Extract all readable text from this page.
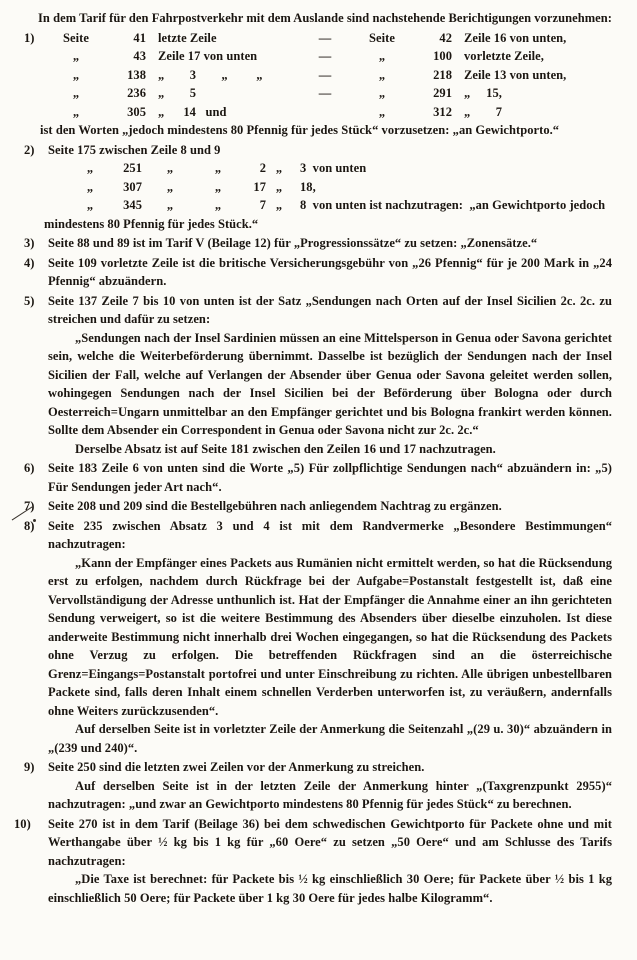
In dem Tarif für den Fahrpostverkehr mit dem Auslande sind nachstehende Berichtigungen vorzunehmen:

1)	Seite	41 letzte Zeile	—	Seite	42 Zeile 16 von unten,
„	43 Zeile 17 von unten	—	„	100 vorletzte Zeile,
„	138 „        3        „         „	—	„	218 Zeile 13 von unten,
„	236 „        5	—	„	291 „     15,
„	305 „      14   und	„	312 „        7

ist den Worten „jedoch mindestens 80 Pfennig für jedes Stück“ vorzusetzen: „an Gewichtporto.“

2)	Seite 175 zwischen Zeile 8 und 9

„	251	„	„	2 „	3  von unten
„	307	„	„	17 „	18,
„	345	„	„	7 „	8  von unten ist nachzutragen:  „an Gewichtporto jedoch

mindestens 80 Pfennig für jedes Stück.“

3)	Seite 88 und 89 ist im Tarif V (Beilage 12) für „Progressionssätze“ zu setzen: „Zonensätze.“

4)	Seite 109 vorletzte Zeile ist die britische Versicherungsgebühr von „26 Pfennig“ für je 200 Mark in „24 Pfennig“ abzuändern.

5)	Seite 137 Zeile 7 bis 10 von unten ist der Satz „Sendungen nach Orten auf der Insel Sicilien 2c. 2c. zu streichen und dafür zu setzen:

„Sendungen nach der Insel Sardinien müssen an eine Mittelsperson in Genua oder Savona gerichtet sein, welche die Weiterbeförderung übernimmt. Dasselbe ist bezüglich der Sendungen nach der Insel Sicilien der Fall, welche auf Verlangen der Absender über Genua oder Savona geleitet werden sollen, wohingegen Sendungen nach der Insel Sicilien bei der Beförderung über Bologna oder durch Oesterreich=Ungarn unmittelbar an den Empfänger gerichtet und bis Bologna frankirt werden können. Sollte dem Absender ein Correspondent in Genua oder Savona nicht zur 2c. 2c.“

Derselbe Absatz ist auf Seite 181 zwischen den Zeilen 16 und 17 nachzutragen.

6)	Seite 183 Zeile 6 von unten sind die Worte „5) Für zollpflichtige Sendungen nach“ abzuändern in: „5) Für Sendungen jeder Art nach“.

7)	Seite 208 und 209 sind die Bestellgebühren nach anliegendem Nachtrag zu ergänzen.

8)	Seite 235 zwischen Absatz 3 und 4 ist mit dem Randvermerke „Besondere Bestimmungen“ nachzutragen:

„Kann der Empfänger eines Packets aus Rumänien nicht ermittelt werden, so hat die Rücksendung erst zu erfolgen, nachdem durch Rückfrage bei der Aufgabe=Postanstalt festgestellt ist, daß eine Vervollständigung der Adresse unthunlich ist. Hat der Empfänger die Annahme einer an ihn gerichteten Sendung verweigert, so ist die weitere Bestimmung des Absenders über dieselbe einzuholen. Ist diese anderweite Bestimmung nicht innerhalb drei Wochen eingegangen, so hat die Rücksendung des Packets ohne Verzug zu erfolgen. Die betreffenden Rückfragen sind an die österreichische Grenz=Eingangs=Postanstalt portofrei und unter Einschreibung zu richten. Alle übrigen unbestellbaren Packete sind, falls deren Inhalt einem schnellen Verderben unterworfen ist, zu veräußern, andernfalls ohne Weiters zurückzusenden“.

Auf derselben Seite ist in vorletzter Zeile der Anmerkung die Seitenzahl „(29 u. 30)“ abzuändern in „(239 und 240)“.

9)	Seite 250 sind die letzten zwei Zeilen vor der Anmerkung zu streichen.

Auf derselben Seite ist in der letzten Zeile der Anmerkung hinter „(Taxgrenzpunkt 2955)“ nachzutragen: „und zwar an Gewichtporto mindestens 80 Pfennig für jedes Stück“ zu berechnen.

10)	Seite 270 ist in dem Tarif (Beilage 36) bei dem schwedischen Gewichtporto für Packete ohne und mit Werthangabe über ½ kg bis 1 kg für „60 Oere“ zu setzen „50 Oere“ und am Schlusse des Tarifs nachzutragen:

„Die Taxe ist berechnet: für Packete bis ½ kg einschließlich 30 Oere; für Packete über ½ bis 1 kg einschließlich 50 Oere; für Packete über 1 kg 30 Oere für jedes halbe Kilogramm“.
